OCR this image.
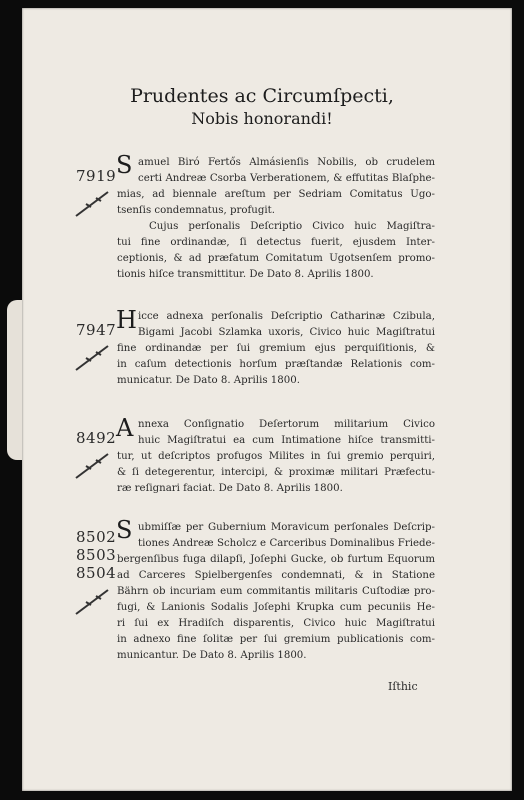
Prudentes ac Circumſpecti,
Nobis honorandi!
7919 S amuel Biró Fertős Almásienſis Nobilis, ob crudelem
certi Andreæ Csorba Verberationem, & effutitas Blaſphe-
mias, ad biennale areſtum per Sedriam Comitatus Ugo-
tsenſis condemnatus, profugit.
Cujus perſonalis Deſcriptio Civico huic Magiſtra-
tui fine ordinandæ, ſi detectus fuerit, ejusdem Inter-
ceptionis, & ad præfatum Comitatum Ugotsenſem promo-
tionis hiſce transmittitur. De Dato 8. Aprilis 1800.
7947 H icce adnexa perſonalis Deſcriptio Catharinæ Czibula,
Bigami Jacobi Szlamka uxoris, Civico huic Magiſtratui
fine ordinandæ per ſui gremium ejus perquiſitionis, &
in caſum detectionis horſum præſtandæ Relationis com-
municatur. De Dato 8. Aprilis 1800.
8492 A nnexa Conſignatio Deſertorum militarium Civico
huic Magiſtratui ea cum Intimatione hiſce transmitti-
tur, ut deſcriptos profugos Milites in ſui gremio perquiri,
& ſi detegerentur, intercipi, & proximæ militari Præfectu-
ræ reſignari faciat. De Dato 8. Aprilis 1800.
8502
8503
8504
S ubmiſſæ per Gubernium Moravicum perſonales Deſcrip-
tiones Andreæ Scholcz e Carceribus Dominalibus Friede-
bergenſibus fuga dilapſi, Joſephi Gucke, ob furtum Equorum
ad Carceres Spielbergenſes condemnati, & in Statione
Bährn ob incuriam eum commitantis militaris Cuſtodiæ pro-
fugi, & Lanionis Sodalis Joſephi Krupka cum pecuniis He-
ri ſui ex Hradiſch disparentis, Civico huic Magiſtratui
in adnexo fine ſolitæ per ſui gremium publicationis com-
municantur. De Dato 8. Aprilis 1800.
Iſthic
